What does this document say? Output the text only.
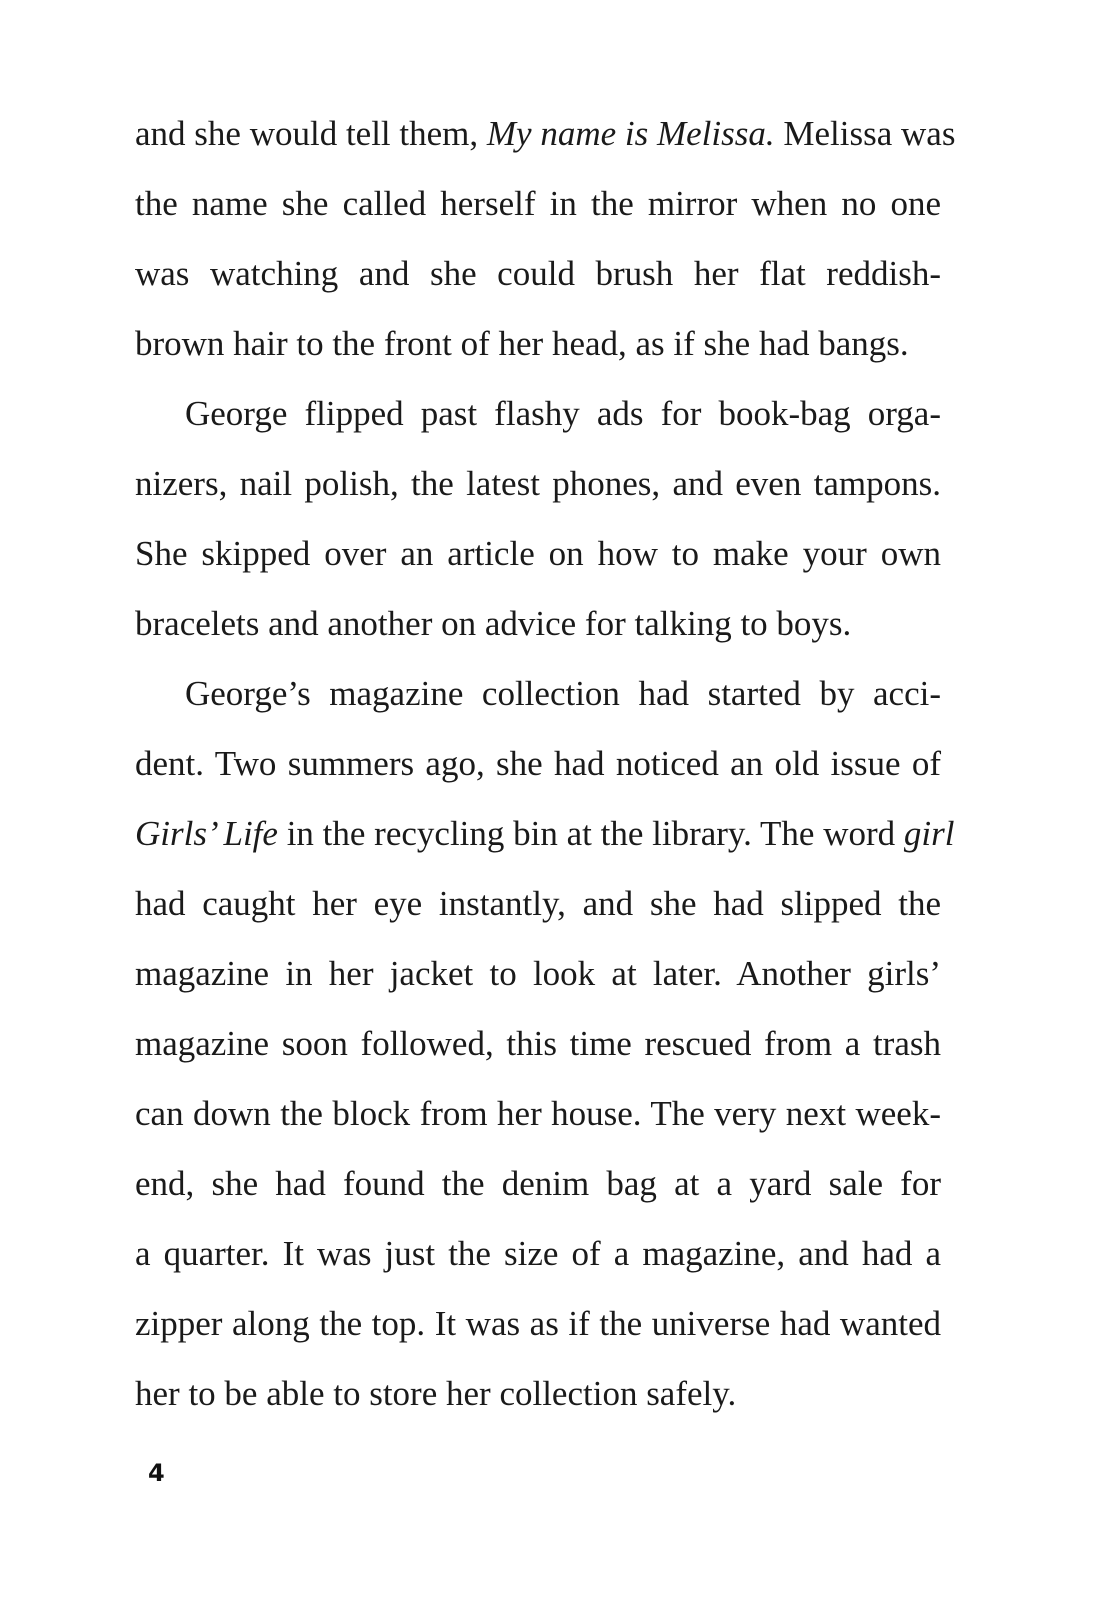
and she would tell them, My name is Melissa. Melissa was
the name she called herself in the mirror when no one
was watching and she could brush her flat reddish-
brown hair to the front of her head, as if she had bangs.
George flipped past flashy ads for book-bag orga-
nizers, nail polish, the latest phones, and even tampons.
She skipped over an article on how to make your own
bracelets and another on advice for talking to boys.
George’s magazine collection had started by acci-
dent. Two summers ago, she had noticed an old issue of
Girls’ Life in the recycling bin at the library. The word girl
had caught her eye instantly, and she had slipped the
magazine in her jacket to look at later. Another girls’
magazine soon followed, this time rescued from a trash
can down the block from her house. The very next week-
end, she had found the denim bag at a yard sale for
a quarter. It was just the size of a magazine, and had a
zipper along the top. It was as if the universe had wanted
her to be able to store her collection safely.
4
